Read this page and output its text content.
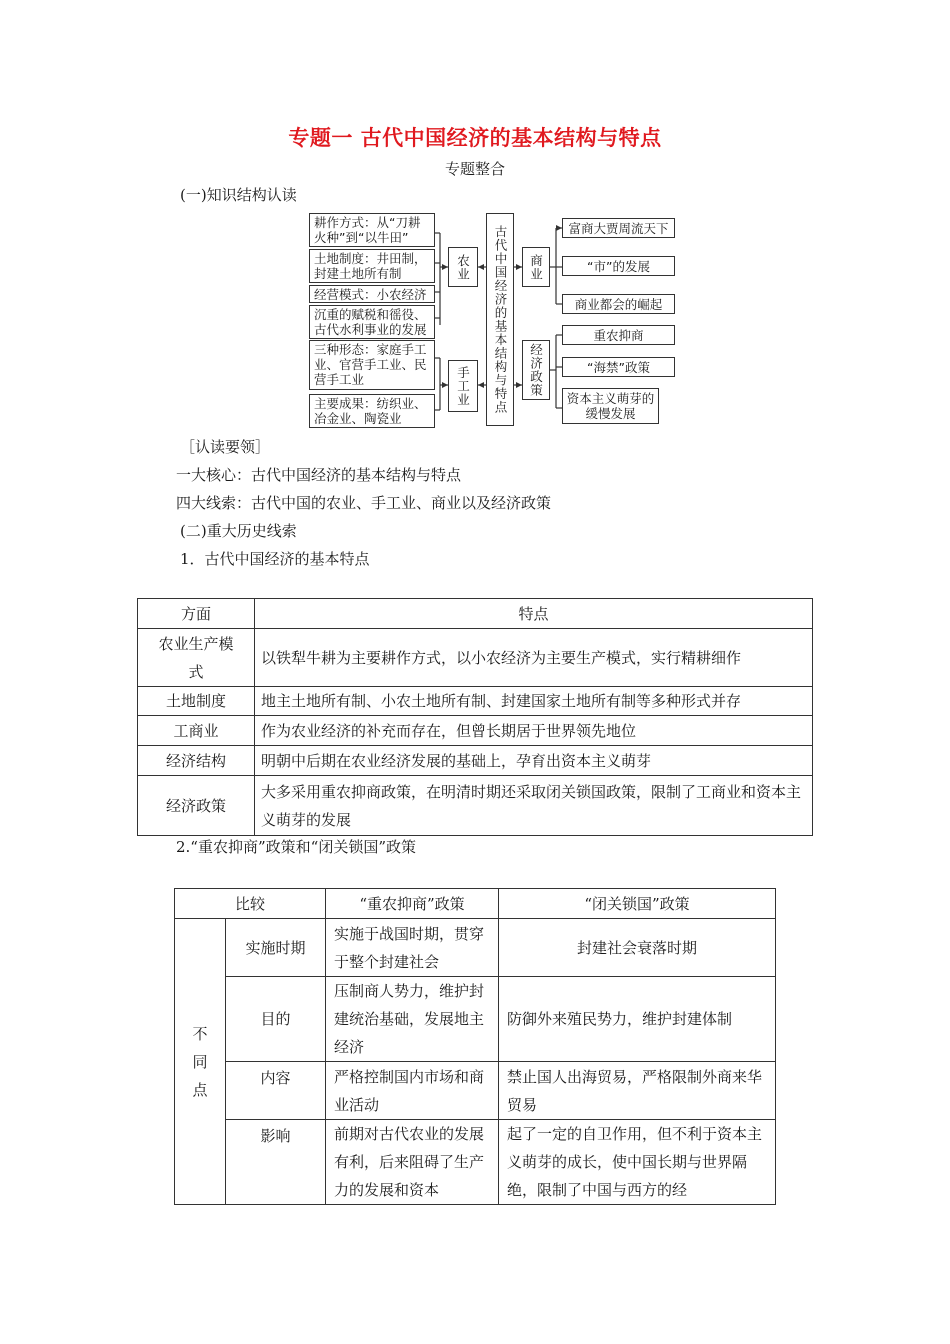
专题一 古代中国经济的基本结构与特点
专题整合
(一)知识结构认读
耕作方式：从“刀耕火种”到“以牛田”
土地制度：井田制，封建土地所有制
经营模式：小农经济
沉重的赋税和徭役、古代水利事业的发展
三种形态：家庭手工业、官营手工业、民营手工业
主要成果：纺织业、冶金业、陶瓷业
农业
手工业	古代中国经济的基本结构与特点	商业
经济政策
富商大贾周流天下
“市”的发展
商业都会的崛起
重农抑商
“海禁”政策
资本主义萌芽的缓慢发展
［认读要领］
一大核心：古代中国经济的基本结构与特点
四大线索：古代中国的农业、手工业、商业以及经济政策
(二)重大历史线索
1．古代中国经济的基本特点
方面	特点
农业生产模式	以铁犁牛耕为主要耕作方式，以小农经济为主要生产模式，实行精耕细作
土地制度	地主土地所有制、小农土地所有制、封建国家土地所有制等多种形式并存
工商业	作为农业经济的补充而存在，但曾长期居于世界领先地位
经济结构	明朝中后期在农业经济发展的基础上，孕育出资本主义萌芽
经济政策	大多采用重农抑商政策，在明清时期还采取闭关锁国政策，限制了工商业和资本主义萌芽的发展
2.“重农抑商”政策和“闭关锁国”政策
比较		“重农抑商”政策	“闭关锁国”政策
不同点	实施时期	实施于战国时期，贯穿于整个封建社会	封建社会衰落时期
	目的	压制商人势力，维护封建统治基础，发展地主经济	防御外来殖民势力，维护封建体制
	内容	严格控制国内市场和商业活动	禁止国人出海贸易，严格限制外商来华贸易
	影响	前期对古代农业的发展有利，后来阻碍了生产力的发展和资本	起了一定的自卫作用，但不利于资本主义萌芽的成长，使中国长期与世界隔绝，限制了中国与西方的经
